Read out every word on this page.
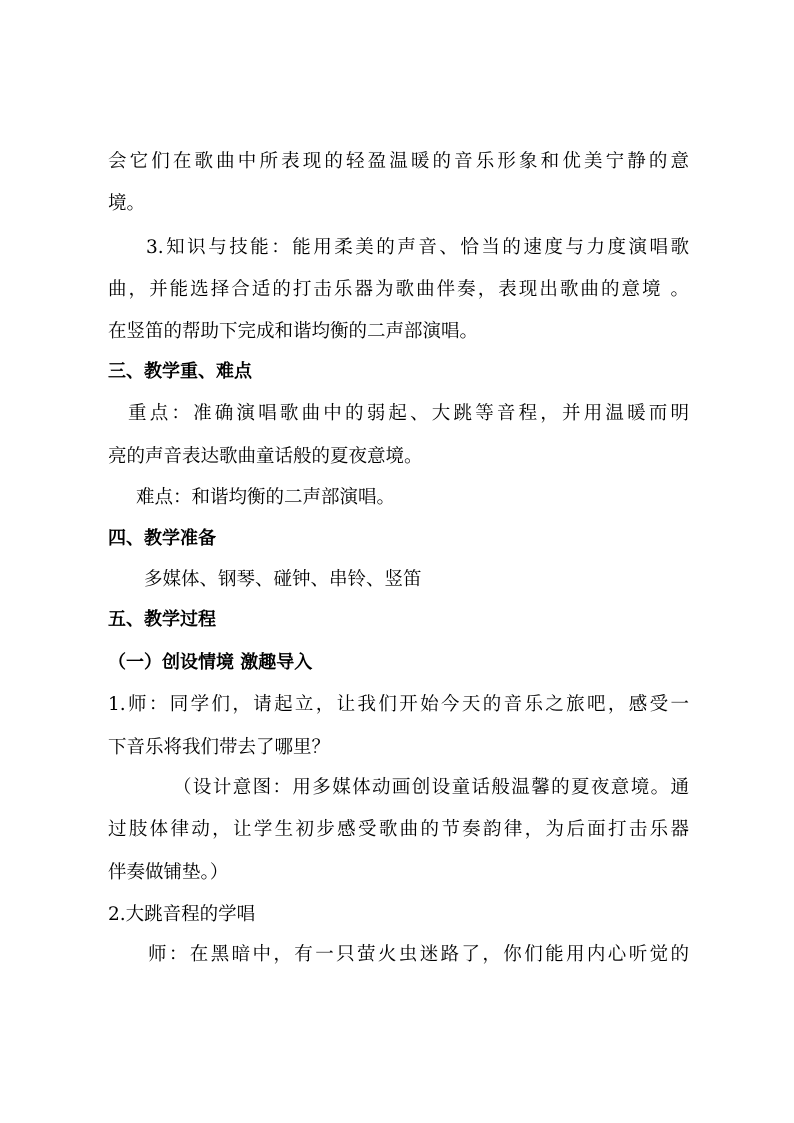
会它们在歌曲中所表现的轻盈温暖的音乐形象和优美宁静的意
境。
3.知识与技能：能用柔美的声音、恰当的速度与力度演唱歌
曲，并能选择合适的打击乐器为歌曲伴奏，表现出歌曲的意境 。
在竖笛的帮助下完成和谐均衡的二声部演唱。
三、教学重、难点
重点：准确演唱歌曲中的弱起、大跳等音程，并用温暖而明
亮的声音表达歌曲童话般的夏夜意境。
难点：和谐均衡的二声部演唱。
四、教学准备
多媒体、钢琴、碰钟、串铃、竖笛
五、教学过程
（一）创设情境 激趣导入
1.师：同学们，请起立，让我们开始今天的音乐之旅吧，感受一
下音乐将我们带去了哪里？
（设计意图：用多媒体动画创设童话般温馨的夏夜意境。通
过肢体律动，让学生初步感受歌曲的节奏韵律，为后面打击乐器
伴奏做铺垫。）
2.大跳音程的学唱
师：在黑暗中，有一只萤火虫迷路了，你们能用内心听觉的
